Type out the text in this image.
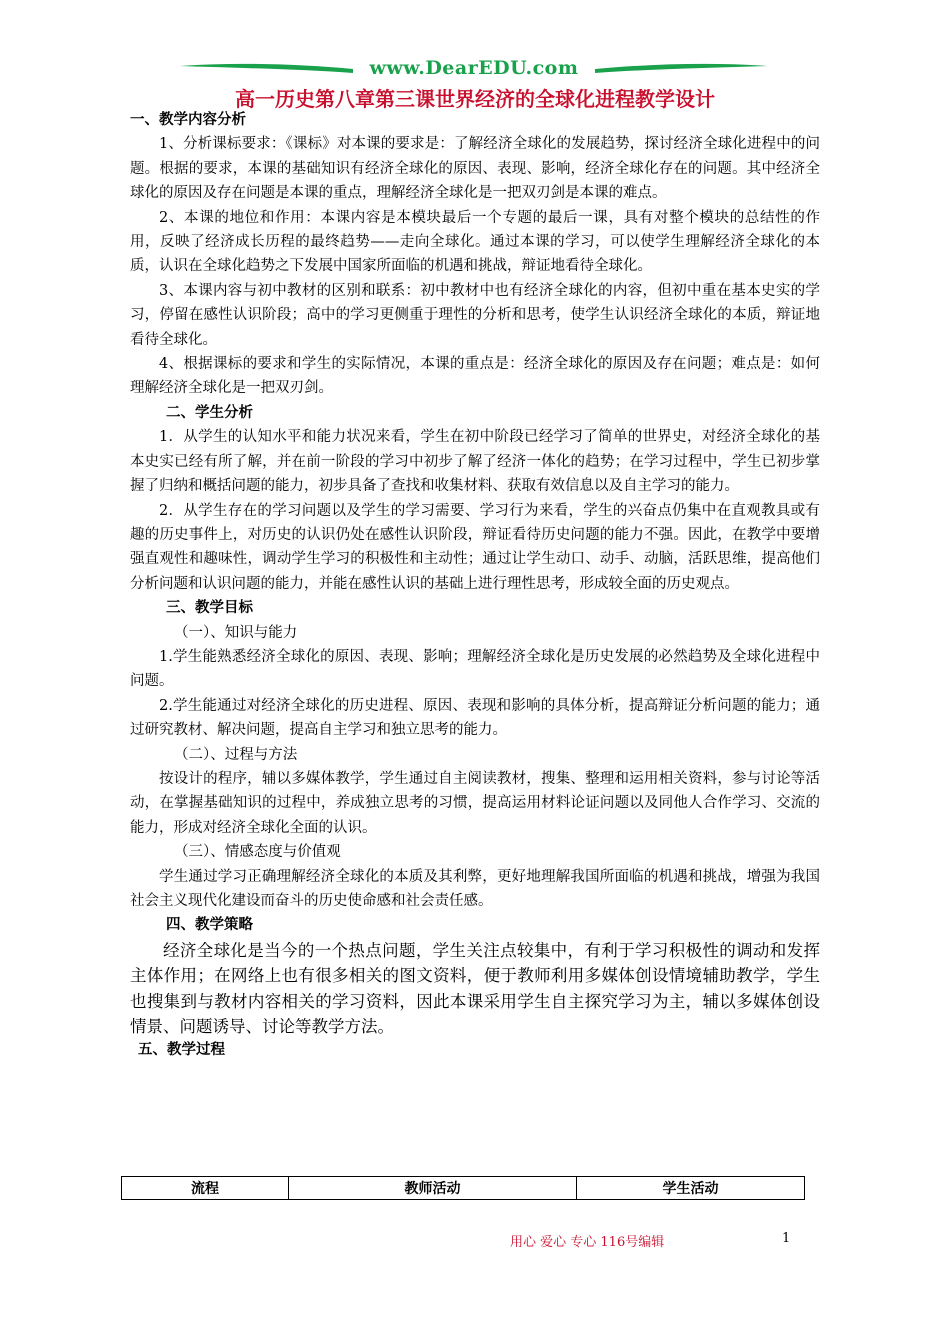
www.DearEDU.com
高一历史第八章第三课世界经济的全球化进程教学设计

一、教学内容分析

1、分析课标要求：《课标》对本课的要求是：了解经济全球化的发展趋势，探讨经济全球化进程中的问题。根据的要求，本课的基础知识有经济全球化的原因、表现、影响，经济全球化存在的问题。其中经济全球化的原因及存在问题是本课的重点，理解经济全球化是一把双刃剑是本课的难点。

2、本课的地位和作用：本课内容是本模块最后一个专题的最后一课，具有对整个模块的总结性的作用，反映了经济成长历程的最终趋势——走向全球化。通过本课的学习，可以使学生理解经济全球化的本质，认识在全球化趋势之下发展中国家所面临的机遇和挑战，辩证地看待全球化。

3、本课内容与初中教材的区别和联系：初中教材中也有经济全球化的内容，但初中重在基本史实的学习，停留在感性认识阶段；高中的学习更侧重于理性的分析和思考，使学生认识经济全球化的本质，辩证地看待全球化。

4、根据课标的要求和学生的实际情况，本课的重点是：经济全球化的原因及存在问题；难点是：如何理解经济全球化是一把双刃剑。

二、学生分析

1．从学生的认知水平和能力状况来看，学生在初中阶段已经学习了简单的世界史，对经济全球化的基本史实已经有所了解，并在前一阶段的学习中初步了解了经济一体化的趋势；在学习过程中，学生已初步掌握了归纳和概括问题的能力，初步具备了查找和收集材料、获取有效信息以及自主学习的能力。

2．从学生存在的学习问题以及学生的学习需要、学习行为来看，学生的兴奋点仍集中在直观教具或有趣的历史事件上，对历史的认识仍处在感性认识阶段，辩证看待历史问题的能力不强。因此，在教学中要增强直观性和趣味性，调动学生学习的积极性和主动性；通过让学生动口、动手、动脑，活跃思维，提高他们分析问题和认识问题的能力，并能在感性认识的基础上进行理性思考，形成较全面的历史观点。

三、教学目标

（一）、知识与能力

1.学生能熟悉经济全球化的原因、表现、影响；理解经济全球化是历史发展的必然趋势及全球化进程中问题。

2.学生能通过对经济全球化的历史进程、原因、表现和影响的具体分析，提高辩证分析问题的能力；通过研究教材、解决问题，提高自主学习和独立思考的能力。

（二）、过程与方法

按设计的程序，辅以多媒体教学，学生通过自主阅读教材，搜集、整理和运用相关资料，参与讨论等活动，在掌握基础知识的过程中，养成独立思考的习惯，提高运用材料论证问题以及同他人合作学习、交流的能力，形成对经济全球化全面的认识。

（三）、情感态度与价值观

学生通过学习正确理解经济全球化的本质及其利弊，更好地理解我国所面临的机遇和挑战，增强为我国社会主义现代化建设而奋斗的历史使命感和社会责任感。

四、教学策略

经济全球化是当今的一个热点问题，学生关注点较集中，有利于学习积极性的调动和发挥主体作用；在网络上也有很多相关的图文资料，便于教师利用多媒体创设情境辅助教学，学生也搜集到与教材内容相关的学习资料，因此本课采用学生自主探究学习为主，辅以多媒体创设情景、问题诱导、讨论等教学方法。

五、教学过程

流程	教师活动	学生活动
用心 爱心 专心 116号编辑	1
